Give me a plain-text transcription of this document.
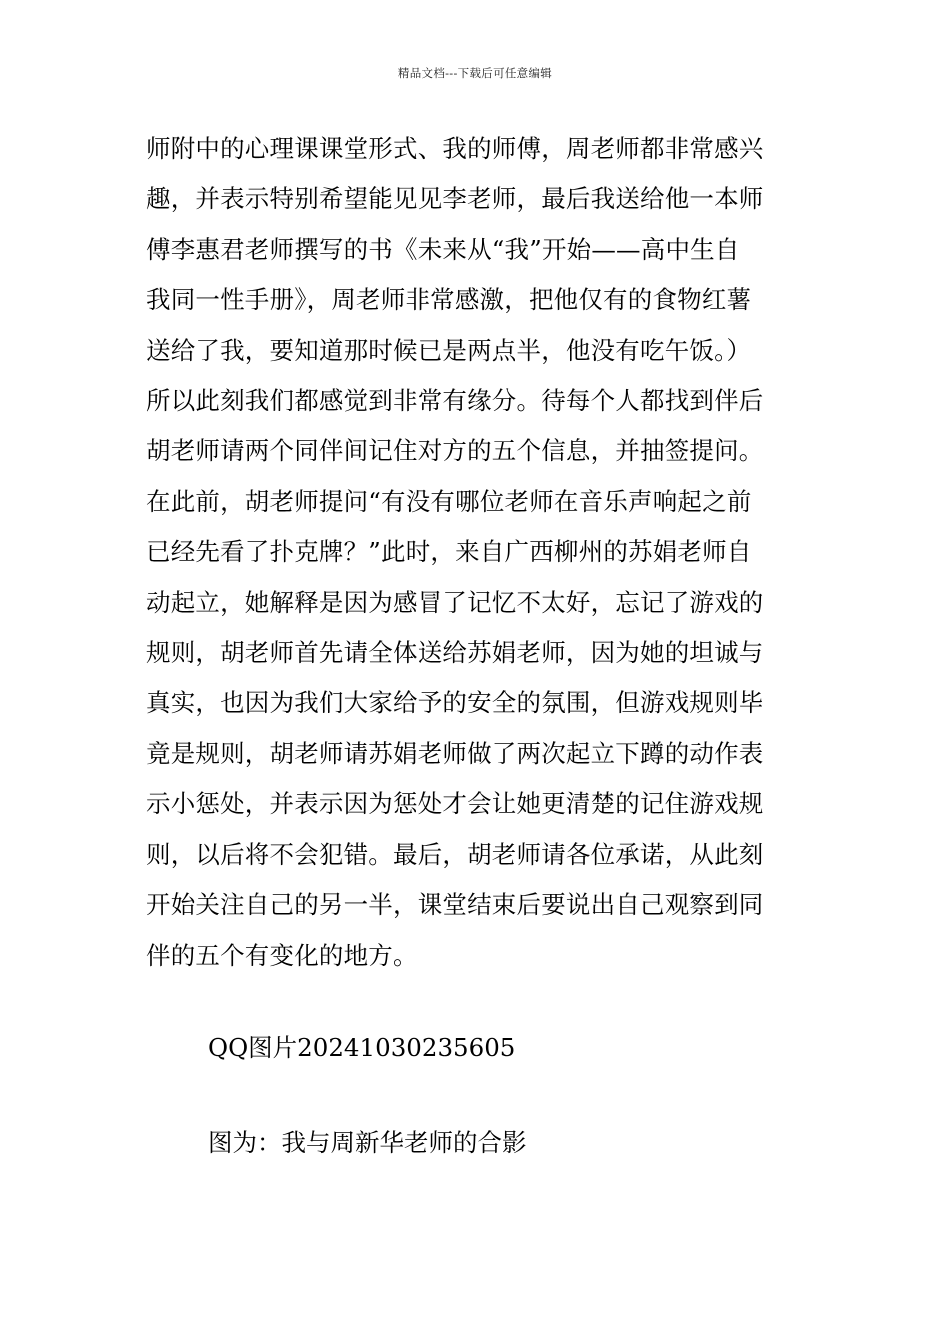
精品文档---下载后可任意编辑
师附中的心理课课堂形式、我的师傅，周老师都非常感兴
趣，并表示特别希望能见见李老师，最后我送给他一本师
傅李惠君老师撰写的书《未来从“我”开始——高中生自
我同一性手册》，周老师非常感激，把他仅有的食物红薯
送给了我，要知道那时候已是两点半，他没有吃午饭。）
所以此刻我们都感觉到非常有缘分。待每个人都找到伴后
胡老师请两个同伴间记住对方的五个信息，并抽签提问。
在此前，胡老师提问“有没有哪位老师在音乐声响起之前
已经先看了扑克牌？”此时，来自广西柳州的苏娟老师自
动起立，她解释是因为感冒了记忆不太好，忘记了游戏的
规则，胡老师首先请全体送给苏娟老师，因为她的坦诚与
真实，也因为我们大家给予的安全的氛围，但游戏规则毕
竟是规则，胡老师请苏娟老师做了两次起立下蹲的动作表
示小惩处，并表示因为惩处才会让她更清楚的记住游戏规
则，以后将不会犯错。最后，胡老师请各位承诺，从此刻
开始关注自己的另一半，课堂结束后要说出自己观察到同
伴的五个有变化的地方。
QQ图片20241030235605
图为：我与周新华老师的合影
